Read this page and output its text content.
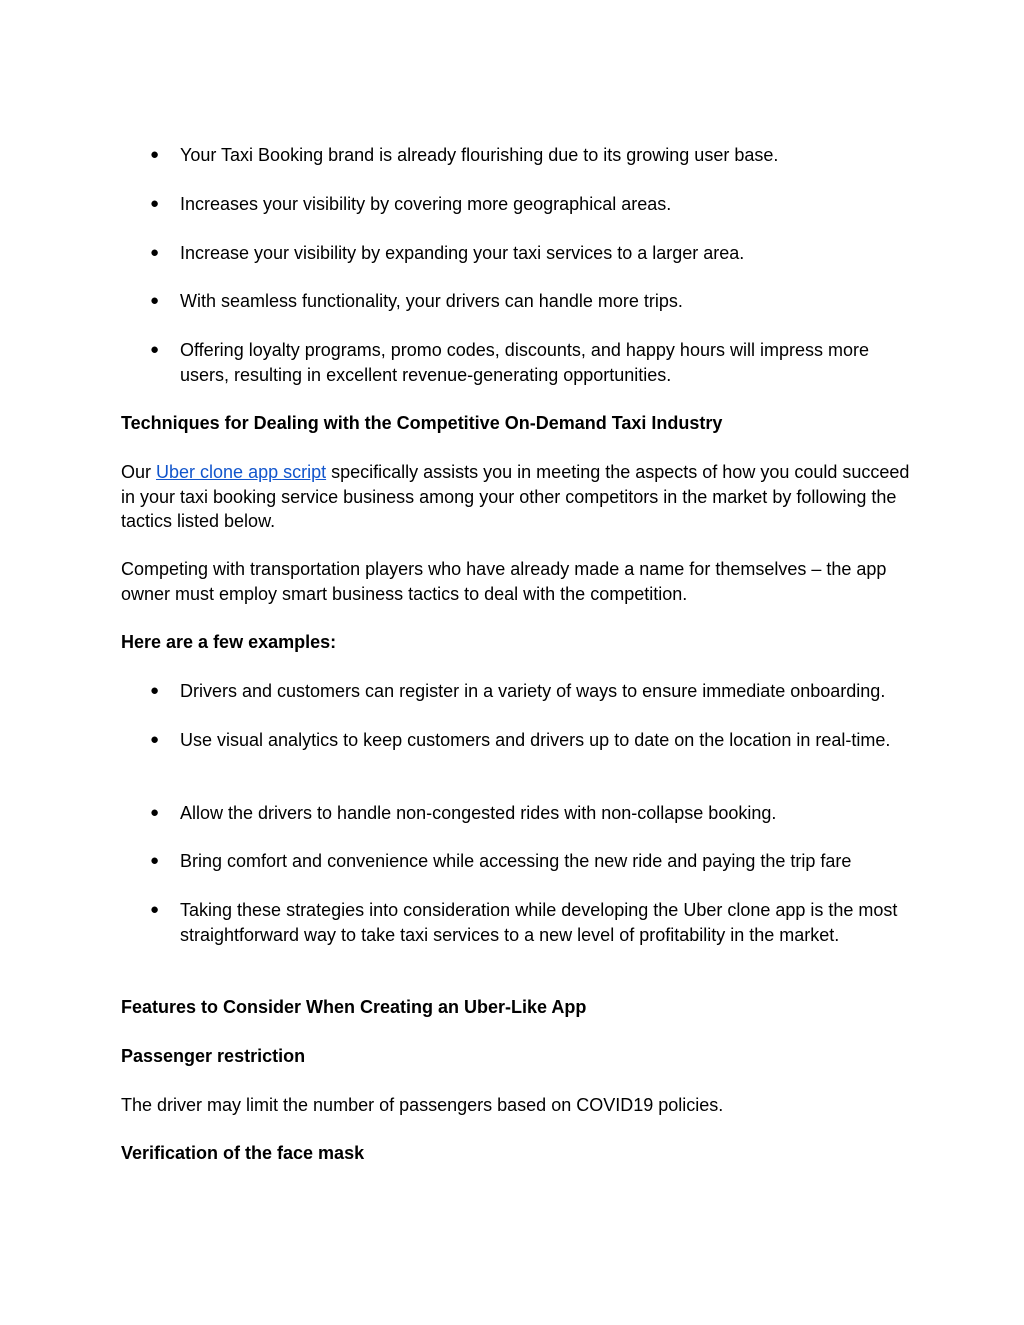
● Your Taxi Booking brand is already flourishing due to its growing user base.
● Increases your visibility by covering more geographical areas.
● Increase your visibility by expanding your taxi services to a larger area.
● With seamless functionality, your drivers can handle more trips.
● Offering loyalty programs, promo codes, discounts, and happy hours will impress more users, resulting in excellent revenue-generating opportunities.

Techniques for Dealing with the Competitive On-Demand Taxi Industry

Our Uber clone app script specifically assists you in meeting the aspects of how you could succeed in your taxi booking service business among your other competitors in the market by following the tactics listed below.

Competing with transportation players who have already made a name for themselves – the app owner must employ smart business tactics to deal with the competition.

Here are a few examples:

● Drivers and customers can register in a variety of ways to ensure immediate onboarding.
● Use visual analytics to keep customers and drivers up to date on the location in real-time.
● Allow the drivers to handle non-congested rides with non-collapse booking.
● Bring comfort and convenience while accessing the new ride and paying the trip fare
● Taking these strategies into consideration while developing the Uber clone app is the most straightforward way to take taxi services to a new level of profitability in the market.

Features to Consider When Creating an Uber-Like App

Passenger restriction

The driver may limit the number of passengers based on COVID19 policies.

Verification of the face mask
